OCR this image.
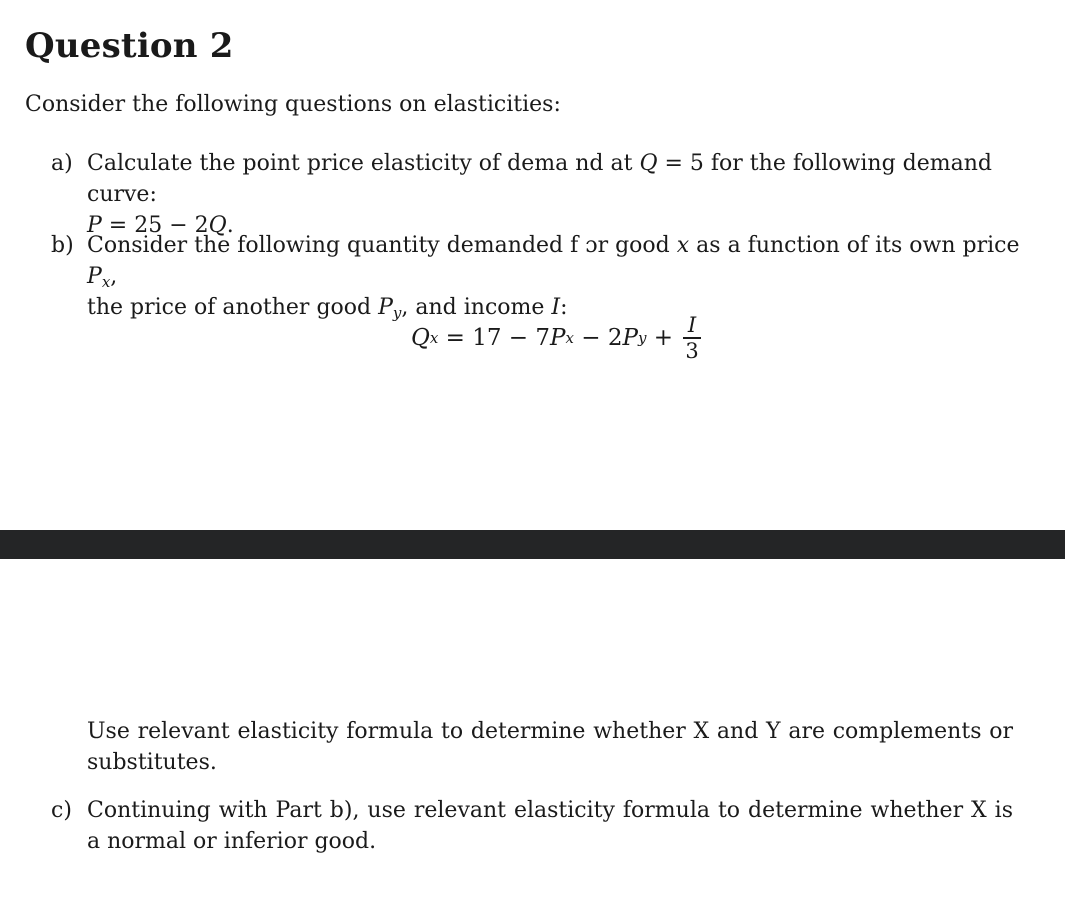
Question 2

Consider the following questions on elasticities:

a) Calculate the point price elasticity of dema nd at Q = 5 for the following demand curve:
P = 25 − 2Q.
b) Consider the following quantity demanded f ɔr good x as a function of its own price $P_x$,
the price of another good $P_y$, and income I:
Q x = 17 − 7 P x − 2 P $y + \frac{I}{3}$

Use relevant elasticity formula to determine whether X and Y are complements or substitutes.

c) Continuing with Part b), use relevant elasticity formula to determine whether X is a normal or inferior good.
